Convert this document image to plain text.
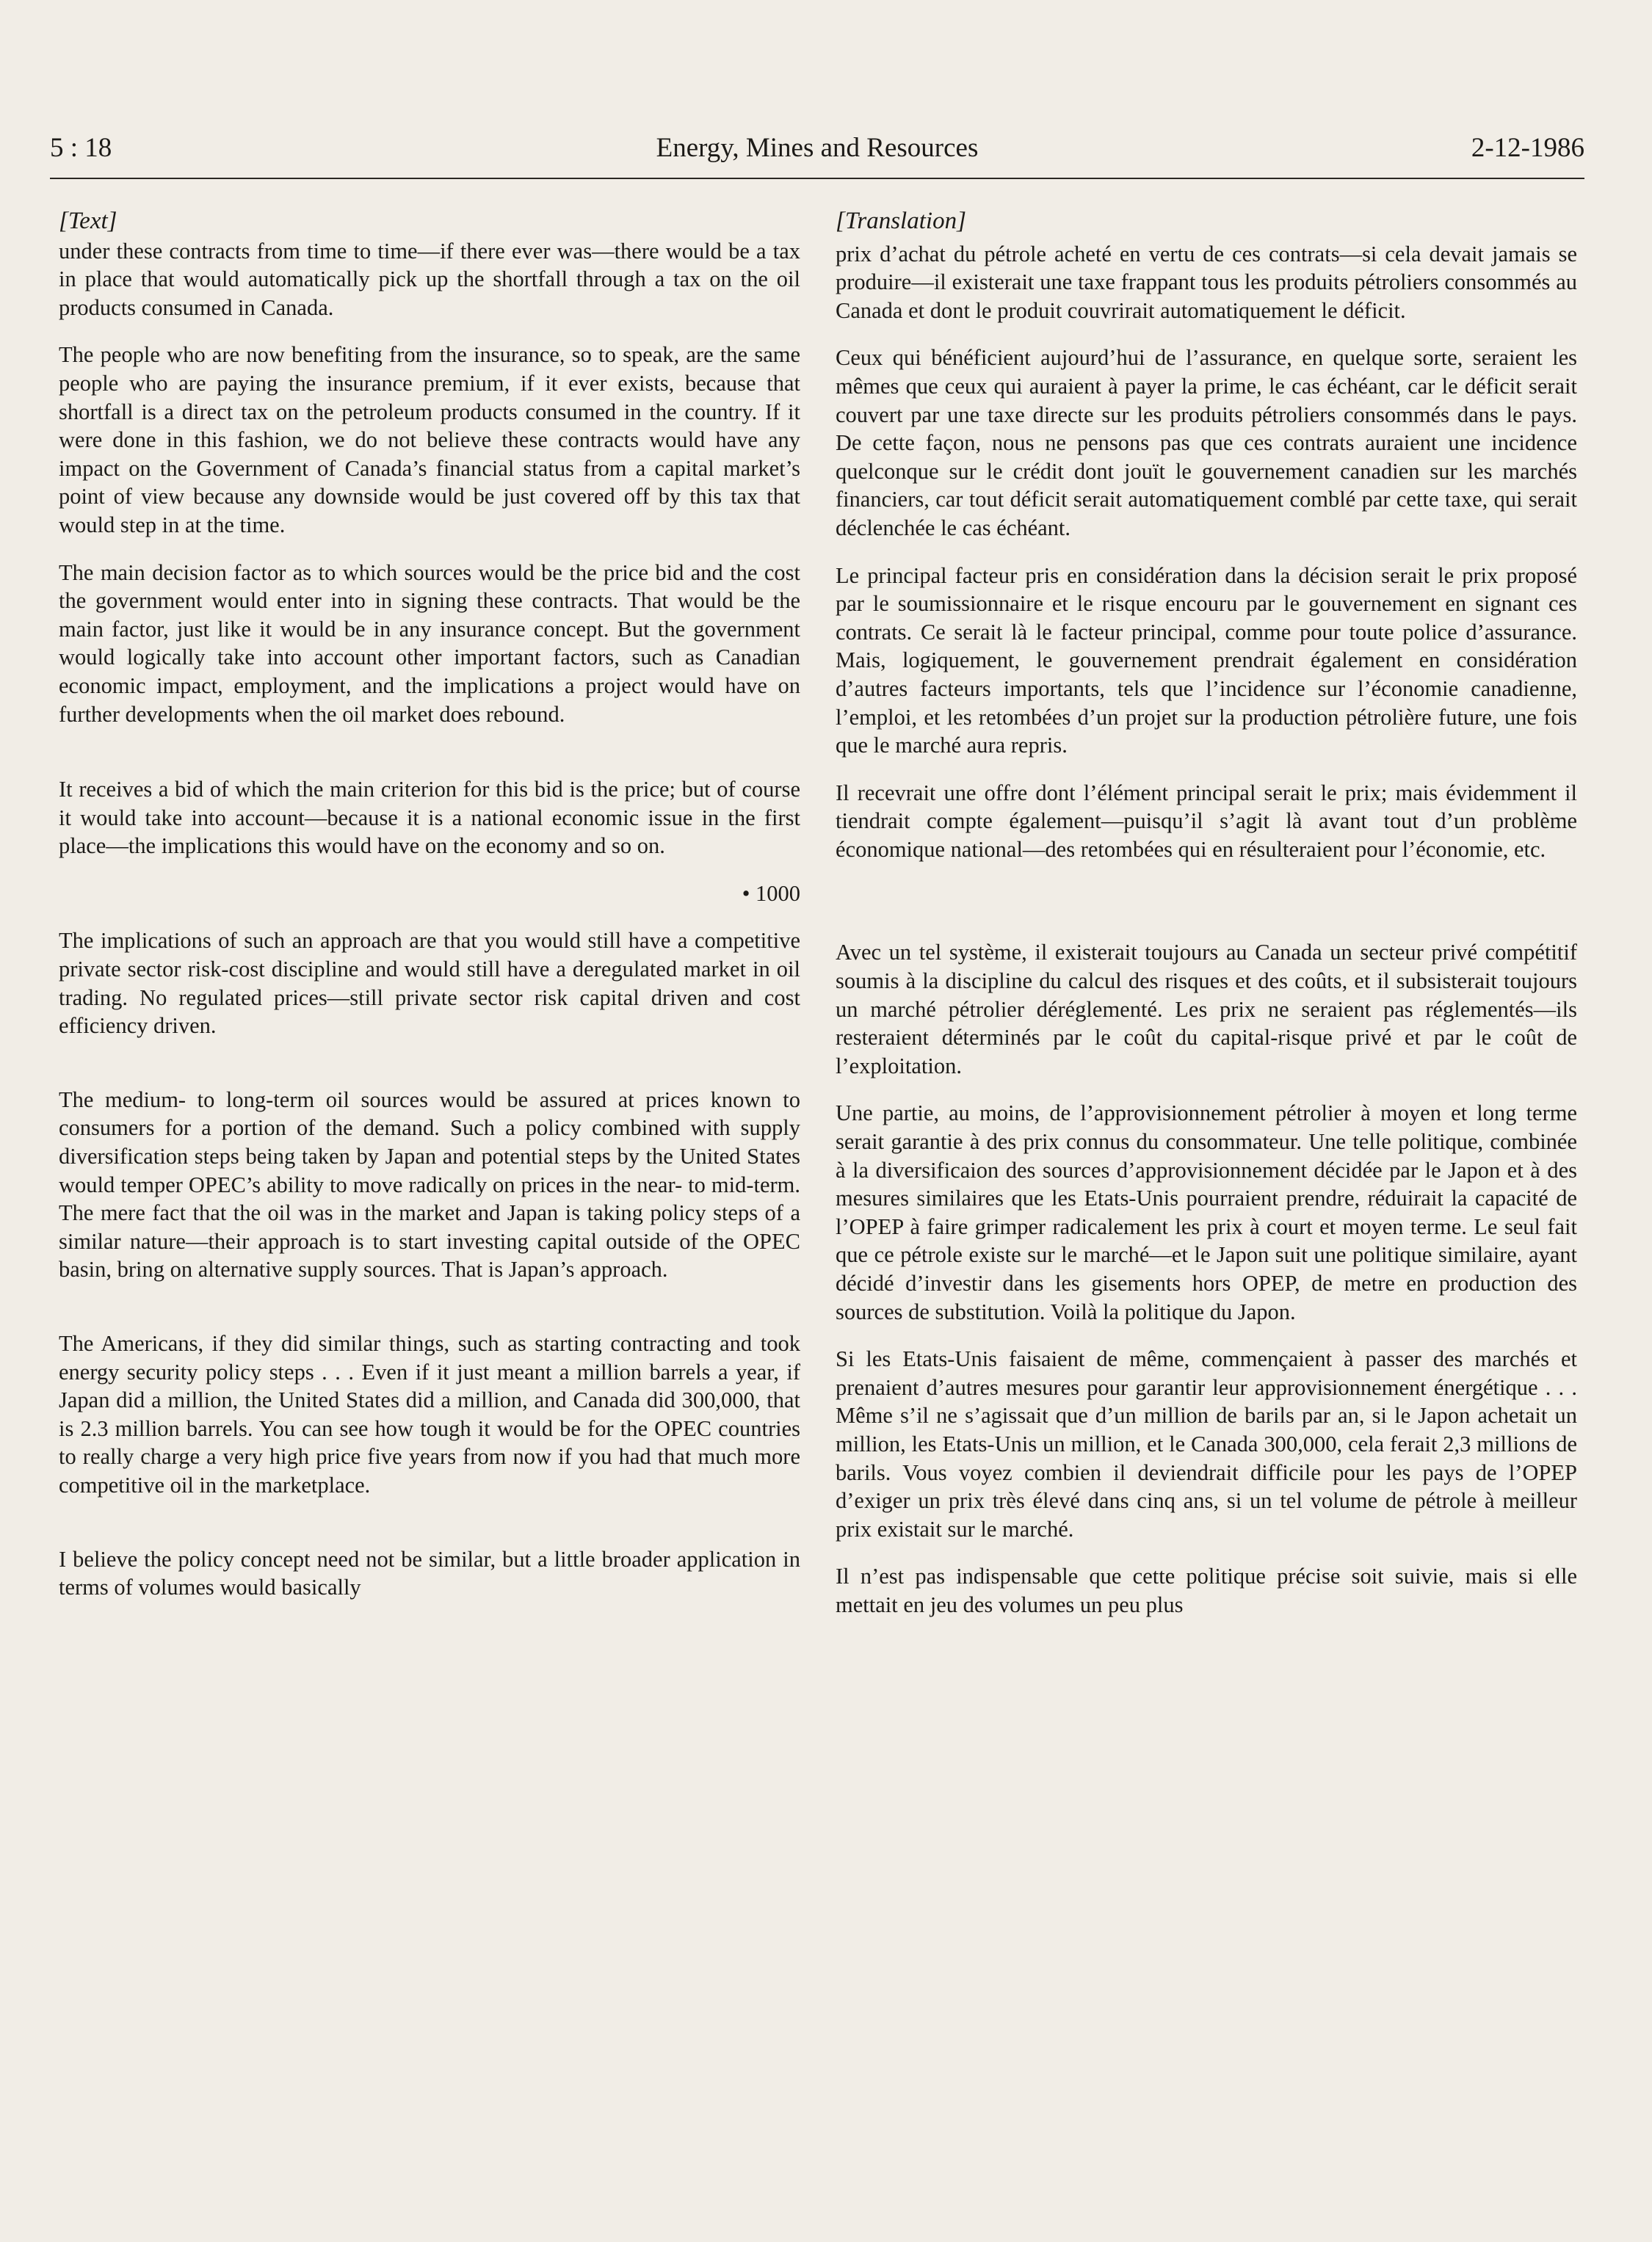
5 : 18	Energy, Mines and Resources	2-12-1986

[Text]

under these contracts from time to time—if there ever was—there would be a tax in place that would automatically pick up the shortfall through a tax on the oil products consumed in Canada.

The people who are now benefiting from the insurance, so to speak, are the same people who are paying the insurance premium, if it ever exists, because that shortfall is a direct tax on the petroleum products consumed in the country. If it were done in this fashion, we do not believe these contracts would have any impact on the Government of Canada’s financial status from a capital market’s point of view because any downside would be just covered off by this tax that would step in at the time.

The main decision factor as to which sources would be the price bid and the cost the government would enter into in signing these contracts. That would be the main factor, just like it would be in any insurance concept. But the government would logically take into account other important factors, such as Canadian economic impact, employment, and the implications a project would have on further developments when the oil market does rebound.

It receives a bid of which the main criterion for this bid is the price; but of course it would take into account—because it is a national economic issue in the first place—the implications this would have on the economy and so on.

• 1000

The implications of such an approach are that you would still have a competitive private sector risk-cost discipline and would still have a deregulated market in oil trading. No regulated prices—still private sector risk capital driven and cost efficiency driven.

The medium- to long-term oil sources would be assured at prices known to consumers for a portion of the demand. Such a policy combined with supply diversification steps being taken by Japan and potential steps by the United States would temper OPEC’s ability to move radically on prices in the near- to mid-term. The mere fact that the oil was in the market and Japan is taking policy steps of a similar nature—their approach is to start investing capital outside of the OPEC basin, bring on alternative supply sources. That is Japan’s approach.

The Americans, if they did similar things, such as starting contracting and took energy security policy steps . . . Even if it just meant a million barrels a year, if Japan did a million, the United States did a million, and Canada did 300,000, that is 2.3 million barrels. You can see how tough it would be for the OPEC countries to really charge a very high price five years from now if you had that much more competitive oil in the marketplace.

I believe the policy concept need not be similar, but a little broader application in terms of volumes would basically

[Translation]

prix d’achat du pétrole acheté en vertu de ces contrats—si cela devait jamais se produire—il existerait une taxe frappant tous les produits pétroliers consommés au Canada et dont le produit couvrirait automatiquement le déficit.

Ceux qui bénéficient aujourd’hui de l’assurance, en quelque sorte, seraient les mêmes que ceux qui auraient à payer la prime, le cas échéant, car le déficit serait couvert par une taxe directe sur les produits pétroliers consommés dans le pays. De cette façon, nous ne pensons pas que ces contrats auraient une incidence quelconque sur le crédit dont jouït le gouvernement canadien sur les marchés financiers, car tout déficit serait automatiquement comblé par cette taxe, qui serait déclenchée le cas échéant.

Le principal facteur pris en considération dans la décision serait le prix proposé par le soumissionnaire et le risque encouru par le gouvernement en signant ces contrats. Ce serait là le facteur principal, comme pour toute police d’assurance. Mais, logiquement, le gouvernement prendrait également en considération d’autres facteurs importants, tels que l’incidence sur l’économie canadienne, l’emploi, et les retombées d’un projet sur la production pétrolière future, une fois que le marché aura repris.

Il recevrait une offre dont l’élément principal serait le prix; mais évidemment il tiendrait compte également—puisqu’il s’agit là avant tout d’un problème économique national—des retombées qui en résulteraient pour l’économie, etc.

Avec un tel système, il existerait toujours au Canada un secteur privé compétitif soumis à la discipline du calcul des risques et des coûts, et il subsisterait toujours un marché pétrolier déréglementé. Les prix ne seraient pas réglementés—ils resteraient déterminés par le coût du capital-risque privé et par le coût de l’exploitation.

Une partie, au moins, de l’approvisionnement pétrolier à moyen et long terme serait garantie à des prix connus du consommateur. Une telle politique, combinée à la diversificaion des sources d’approvisionnement décidée par le Japon et à des mesures similaires que les Etats-Unis pourraient prendre, réduirait la capacité de l’OPEP à faire grimper radicalement les prix à court et moyen terme. Le seul fait que ce pétrole existe sur le marché—et le Japon suit une politique similaire, ayant décidé d’investir dans les gisements hors OPEP, de metre en production des sources de substitution. Voilà la politique du Japon.

Si les Etats-Unis faisaient de même, commençaient à passer des marchés et prenaient d’autres mesures pour garantir leur approvisionnement énergétique . . . Même s’il ne s’agissait que d’un million de barils par an, si le Japon achetait un million, les Etats-Unis un million, et le Canada 300,000, cela ferait 2,3 millions de barils. Vous voyez combien il deviendrait difficile pour les pays de l’OPEP d’exiger un prix très élevé dans cinq ans, si un tel volume de pétrole à meilleur prix existait sur le marché.

Il n’est pas indispensable que cette politique précise soit suivie, mais si elle mettait en jeu des volumes un peu plus
